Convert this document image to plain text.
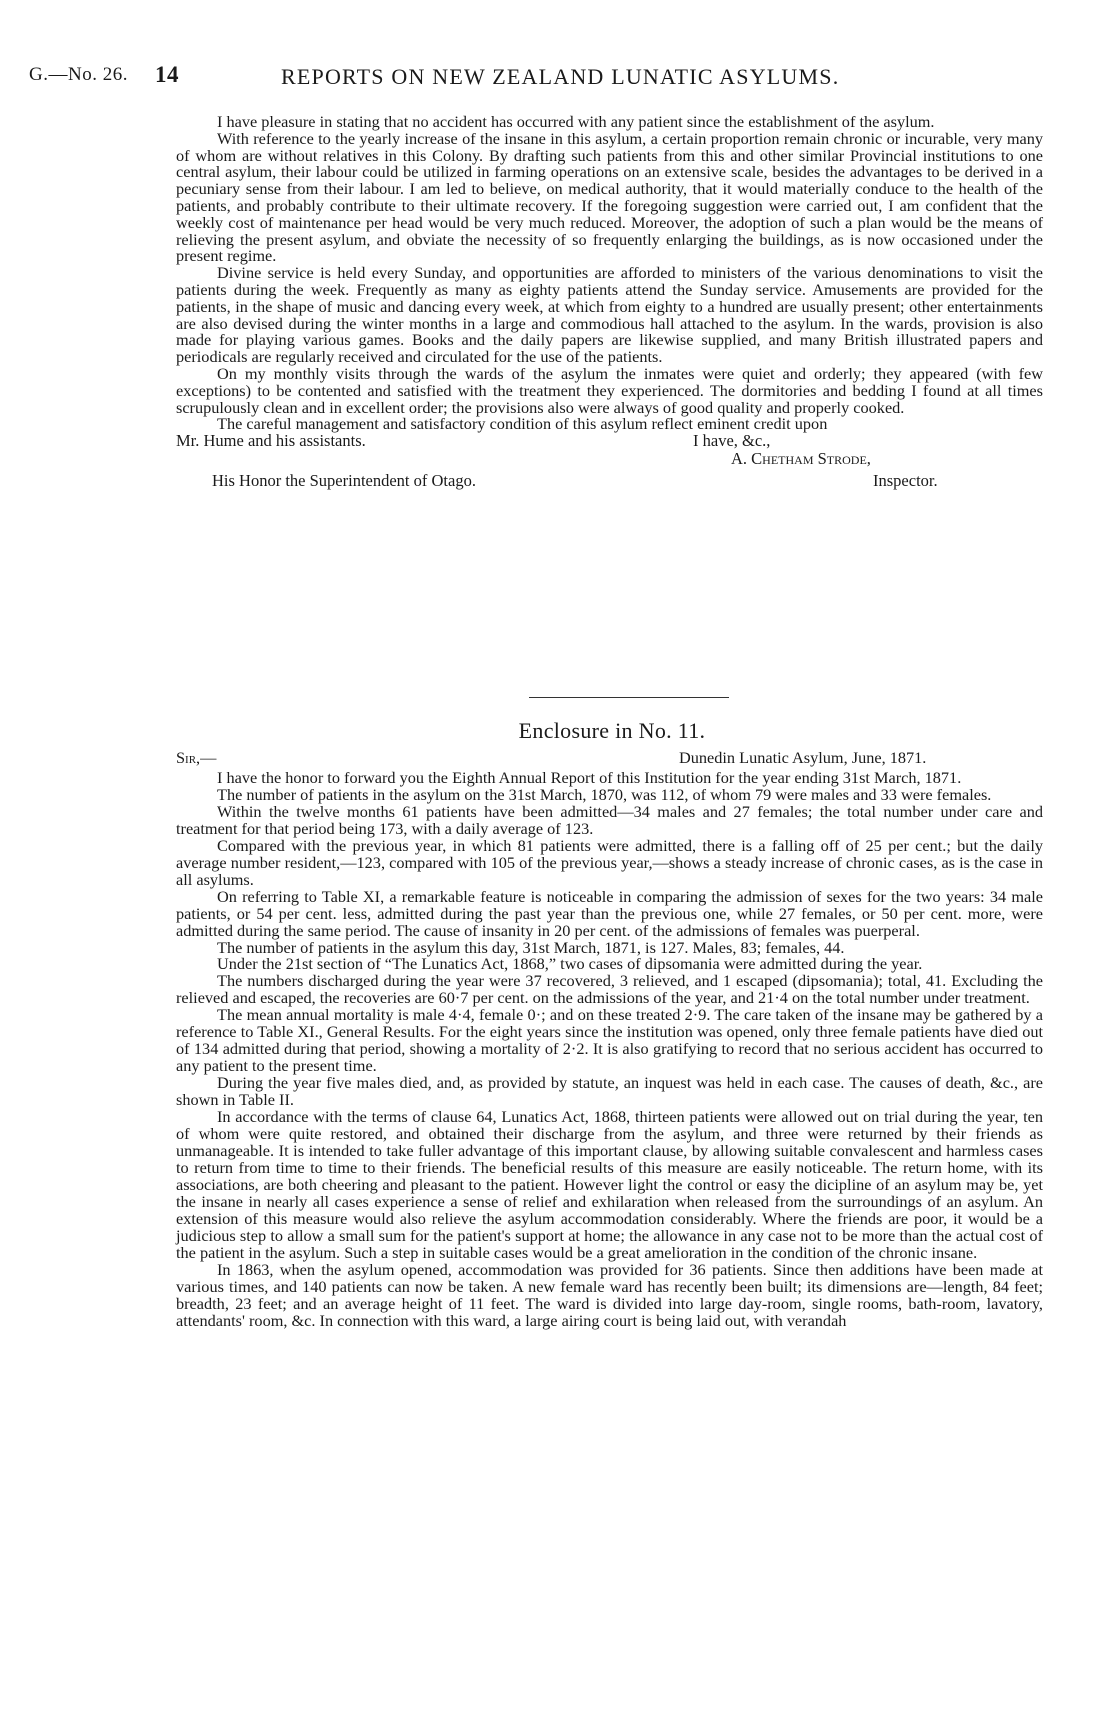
G.—No. 26. 14	REPORTS ON NEW ZEALAND LUNATIC ASYLUMS.

I have pleasure in stating that no accident has occurred with any patient since the establishment of the asylum.

With reference to the yearly increase of the insane in this asylum, a certain proportion remain chronic or incurable, very many of whom are without relatives in this Colony. By drafting such patients from this and other similar Provincial institutions to one central asylum, their labour could be utilized in farming operations on an extensive scale, besides the advantages to be derived in a pecuniary sense from their labour. I am led to believe, on medical authority, that it would materially conduce to the health of the patients, and probably contribute to their ultimate recovery. If the foregoing suggestion were carried out, I am confident that the weekly cost of maintenance per head would be very much reduced. Moreover, the adoption of such a plan would be the means of relieving the present asylum, and obviate the necessity of so frequently enlarging the buildings, as is now occasioned under the present regime.

Divine service is held every Sunday, and opportunities are afforded to ministers of the various denominations to visit the patients during the week. Frequently as many as eighty patients attend the Sunday service. Amusements are provided for the patients, in the shape of music and dancing every week, at which from eighty to a hundred are usually present; other entertainments are also devised during the winter months in a large and commodious hall attached to the asylum. In the wards, provision is also made for playing various games. Books and the daily papers are likewise supplied, and many British illustrated papers and periodicals are regularly received and circulated for the use of the patients.

On my monthly visits through the wards of the asylum the inmates were quiet and orderly; they appeared (with few exceptions) to be contented and satisfied with the treatment they experienced. The dormitories and bedding I found at all times scrupulously clean and in excellent order; the provisions also were always of good quality and properly cooked.

The careful management and satisfactory condition of this asylum reflect eminent credit upon

Mr. Hume and his assistants.	I have, &c.,
A. Chetham Strode,
His Honor the Superintendent of Otago.	Inspector.
Enclosure in No. 11.
Sir,—	Dunedin Lunatic Asylum, June, 1871.

I have the honor to forward you the Eighth Annual Report of this Institution for the year ending 31st March, 1871.

The number of patients in the asylum on the 31st March, 1870, was 112, of whom 79 were males and 33 were females.

Within the twelve months 61 patients have been admitted—34 males and 27 females; the total number under care and treatment for that period being 173, with a daily average of 123.

Compared with the previous year, in which 81 patients were admitted, there is a falling off of 25 per cent.; but the daily average number resident,—123, compared with 105 of the previous year,—shows a steady increase of chronic cases, as is the case in all asylums.

On referring to Table XI, a remarkable feature is noticeable in comparing the admission of sexes for the two years: 34 male patients, or 54 per cent. less, admitted during the past year than the previous one, while 27 females, or 50 per cent. more, were admitted during the same period. The cause of insanity in 20 per cent. of the admissions of females was puerperal.

The number of patients in the asylum this day, 31st March, 1871, is 127. Males, 83; females, 44.

Under the 21st section of “The Lunatics Act, 1868,” two cases of dipsomania were admitted during the year.

The numbers discharged during the year were 37 recovered, 3 relieved, and 1 escaped (dipsomania); total, 41. Excluding the relieved and escaped, the recoveries are 60·7 per cent. on the admissions of the year, and 21·4 on the total number under treatment.

The mean annual mortality is male 4·4, female 0·; and on these treated 2·9. The care taken of the insane may be gathered by a reference to Table XI., General Results. For the eight years since the institution was opened, only three female patients have died out of 134 admitted during that period, showing a mortality of 2·2. It is also gratifying to record that no serious accident has occurred to any patient to the present time.

During the year five males died, and, as provided by statute, an inquest was held in each case. The causes of death, &c., are shown in Table II.

In accordance with the terms of clause 64, Lunatics Act, 1868, thirteen patients were allowed out on trial during the year, ten of whom were quite restored, and obtained their discharge from the asylum, and three were returned by their friends as unmanageable. It is intended to take fuller advantage of this important clause, by allowing suitable convalescent and harmless cases to return from time to time to their friends. The beneficial results of this measure are easily noticeable. The return home, with its associations, are both cheering and pleasant to the patient. However light the control or easy the dicipline of an asylum may be, yet the insane in nearly all cases experience a sense of relief and exhilaration when released from the surroundings of an asylum. An extension of this measure would also relieve the asylum accommodation considerably. Where the friends are poor, it would be a judicious step to allow a small sum for the patient's support at home; the allowance in any case not to be more than the actual cost of the patient in the asylum. Such a step in suitable cases would be a great amelioration in the condition of the chronic insane.

In 1863, when the asylum opened, accommodation was provided for 36 patients. Since then additions have been made at various times, and 140 patients can now be taken. A new female ward has recently been built; its dimensions are—length, 84 feet; breadth, 23 feet; and an average height of 11 feet. The ward is divided into large day-room, single rooms, bath-room, lavatory, attendants' room, &c. In connection with this ward, a large airing court is being laid out, with verandah
